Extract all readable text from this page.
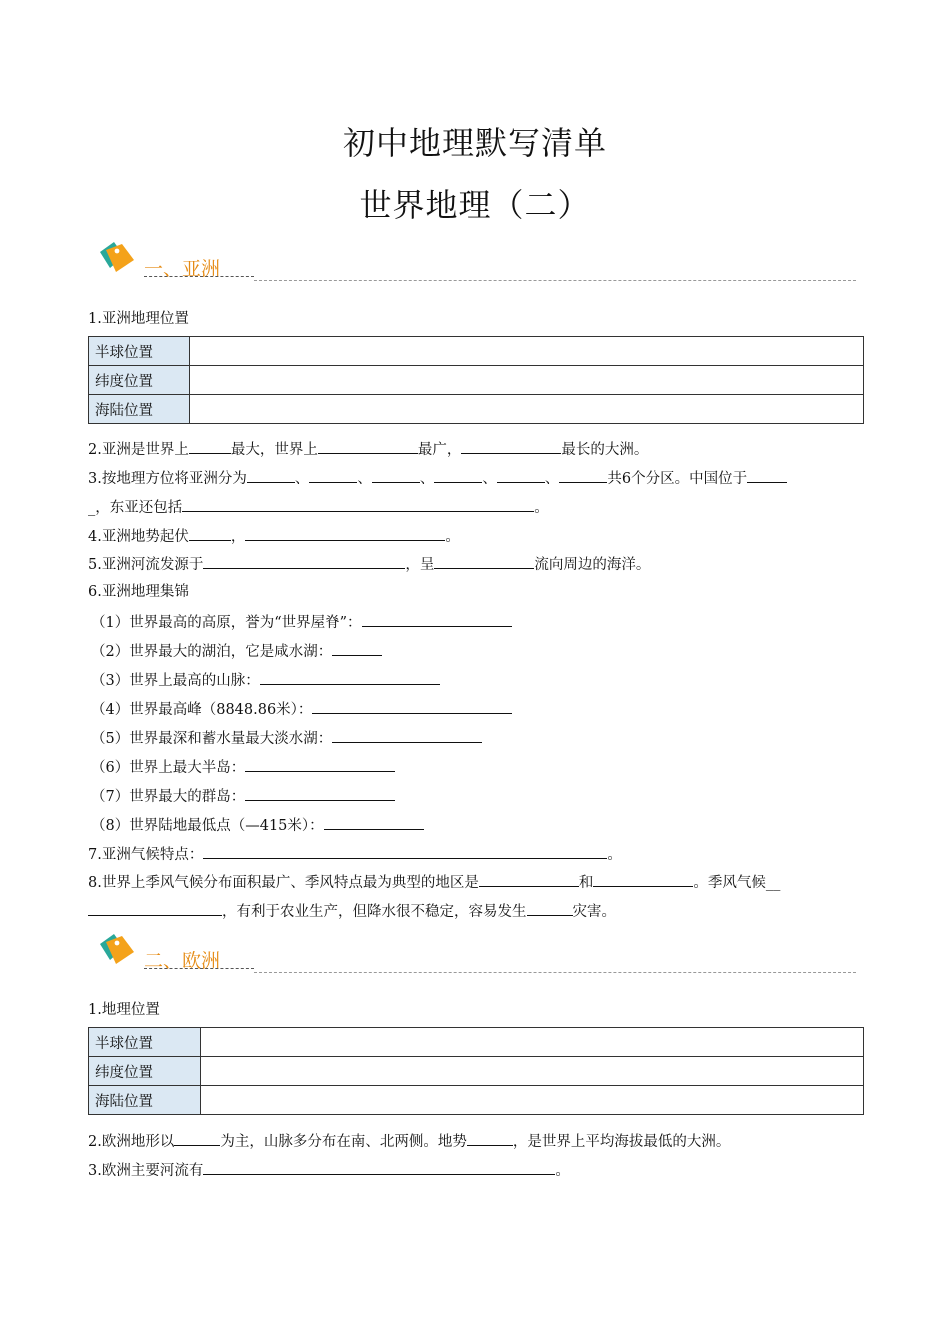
初中地理默写清单
世界地理（二）
一、亚洲
1.亚洲地理位置
半球位置	
纬度位置	
海陆位置	
2.亚洲是世界上	最大，世界上	最广，	最长的大洲。
3.按地理方位将亚洲分为	、	、	、	、	、	共6个分区。中国位于
_，东亚还包括	。
4.亚洲地势起伏	，	。
5.亚洲河流发源于	，呈	流向周边的海洋。
6.亚洲地理集锦
（1）世界最高的高原，誉为“世界屋脊”：
（2）世界最大的湖泊，它是咸水湖：
（3）世界上最高的山脉：
（4）世界最高峰（8848.86米）：
（5）世界最深和蓄水量最大淡水湖：
（6）世界上最大半岛：
（7）世界最大的群岛：
（8）世界陆地最低点（—415米）：
7.亚洲气候特点：	。
8.世界上季风气候分布面积最广、季风特点最为典型的地区是	和	。季风气候__
，有利于农业生产，但降水很不稳定，容易发生	灾害。
二、欧洲
1.地理位置
半球位置	
纬度位置	
海陆位置	
2.欧洲地形以	为主，山脉多分布在南、北两侧。地势	，是世界上平均海拔最低的大洲。
3.欧洲主要河流有	。
